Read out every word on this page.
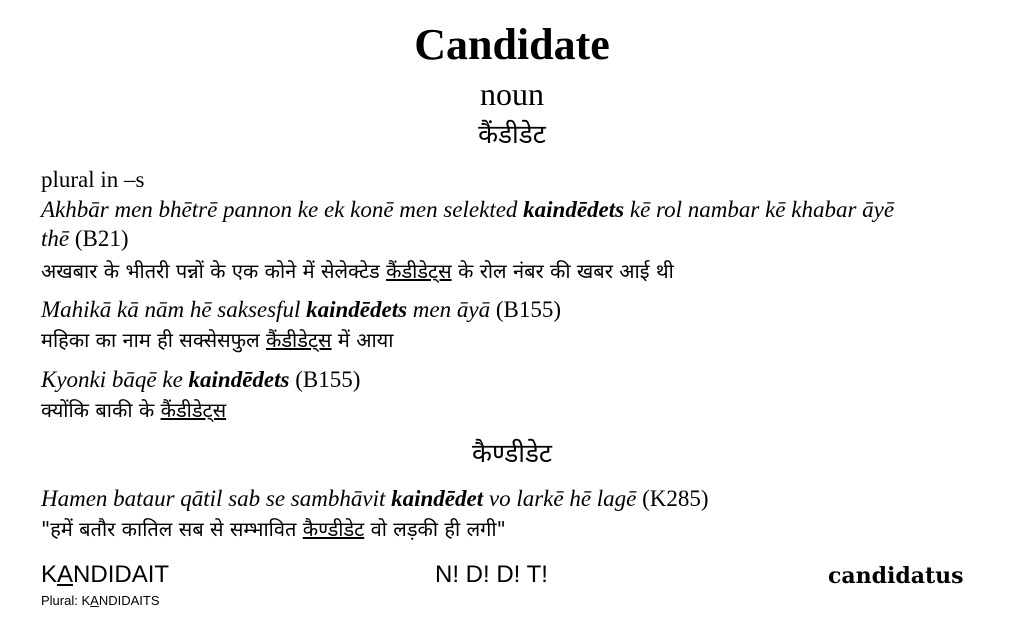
Candidate
noun
कैंडीडेट
plural in –s
Akhbār men bhētrē pannon ke ek konē men selekted kaindēdets kē rol nambar kē khabar āyē
thē (B21)
अखबार के भीतरी पन्नों के एक कोने में सेलेक्टेड कैंडीडेट्स के रोल नंबर की खबर आई थी
Mahikā kā nām hē saksesful kaindēdets men āyā (B155)
महिका का नाम ही सक्सेसफुल कैंडीडेट्स में आया
Kyonki bāqē ke kaindēdets (B155)
क्योंकि बाकी के कैंडीडेट्स
कैण्डीडेट
Hamen bataur qātil sab se sambhāvit kaindēdet vo larkē hē lagē (K285)
"हमें बतौर कातिल सब से सम्भावित कैण्डीडेट वो लड़की ही लगी"
KANDIDAIT
Plural: KANDIDAITS
N! D! D! T!	candidatus
